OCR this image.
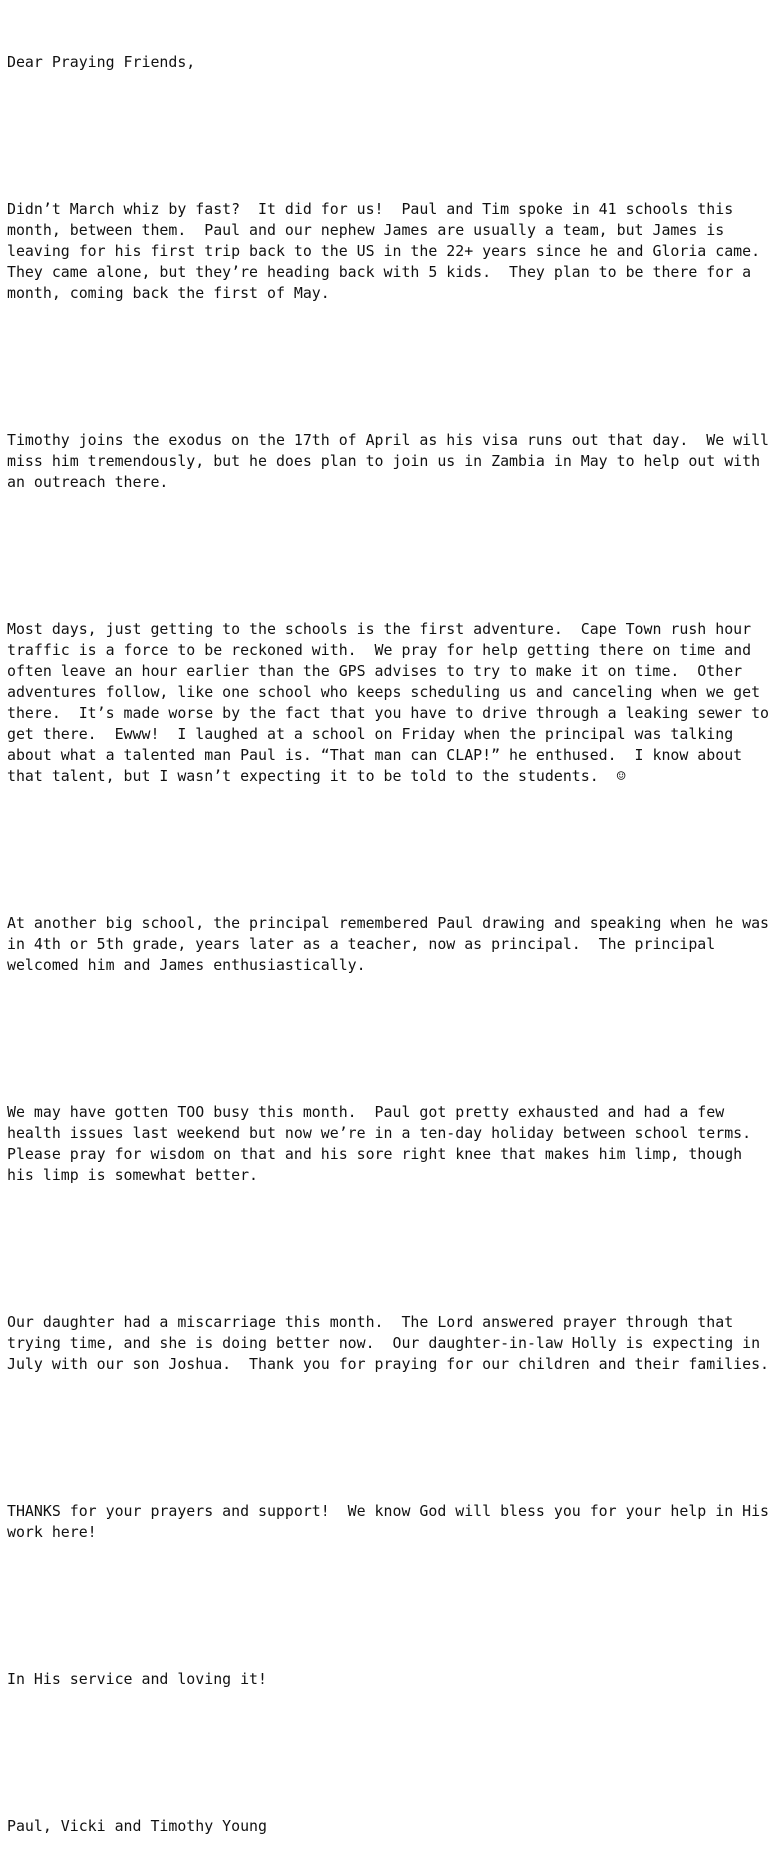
Dear Praying Friends,

Didn’t March whiz by fast?  It did for us!  Paul and Tim spoke in 41 schools this
month, between them.  Paul and our nephew James are usually a team, but James is
leaving for his first trip back to the US in the 22+ years since he and Gloria came.
They came alone, but they’re heading back with 5 kids.  They plan to be there for a
month, coming back the first of May.

Timothy joins the exodus on the 17th of April as his visa runs out that day.  We will
miss him tremendously, but he does plan to join us in Zambia in May to help out with
an outreach there.

Most days, just getting to the schools is the first adventure.  Cape Town rush hour
traffic is a force to be reckoned with.  We pray for help getting there on time and
often leave an hour earlier than the GPS advises to try to make it on time.  Other
adventures follow, like one school who keeps scheduling us and canceling when we get
there.  It’s made worse by the fact that you have to drive through a leaking sewer to
get there.  Ewww!  I laughed at a school on Friday when the principal was talking
about what a talented man Paul is. “That man can CLAP!” he enthused.  I know about
that talent, but I wasn’t expecting it to be told to the students.  ☺

At another big school, the principal remembered Paul drawing and speaking when he was
in 4th or 5th grade, years later as a teacher, now as principal.  The principal
welcomed him and James enthusiastically.

We may have gotten TOO busy this month.  Paul got pretty exhausted and had a few
health issues last weekend but now we’re in a ten-day holiday between school terms.
Please pray for wisdom on that and his sore right knee that makes him limp, though
his limp is somewhat better.

Our daughter had a miscarriage this month.  The Lord answered prayer through that
trying time, and she is doing better now.  Our daughter-in-law Holly is expecting in
July with our son Joshua.  Thank you for praying for our children and their families.

THANKS for your prayers and support!  We know God will bless you for your help in His
work here!

In His service and loving it!

Paul, Vicki and Timothy Young
